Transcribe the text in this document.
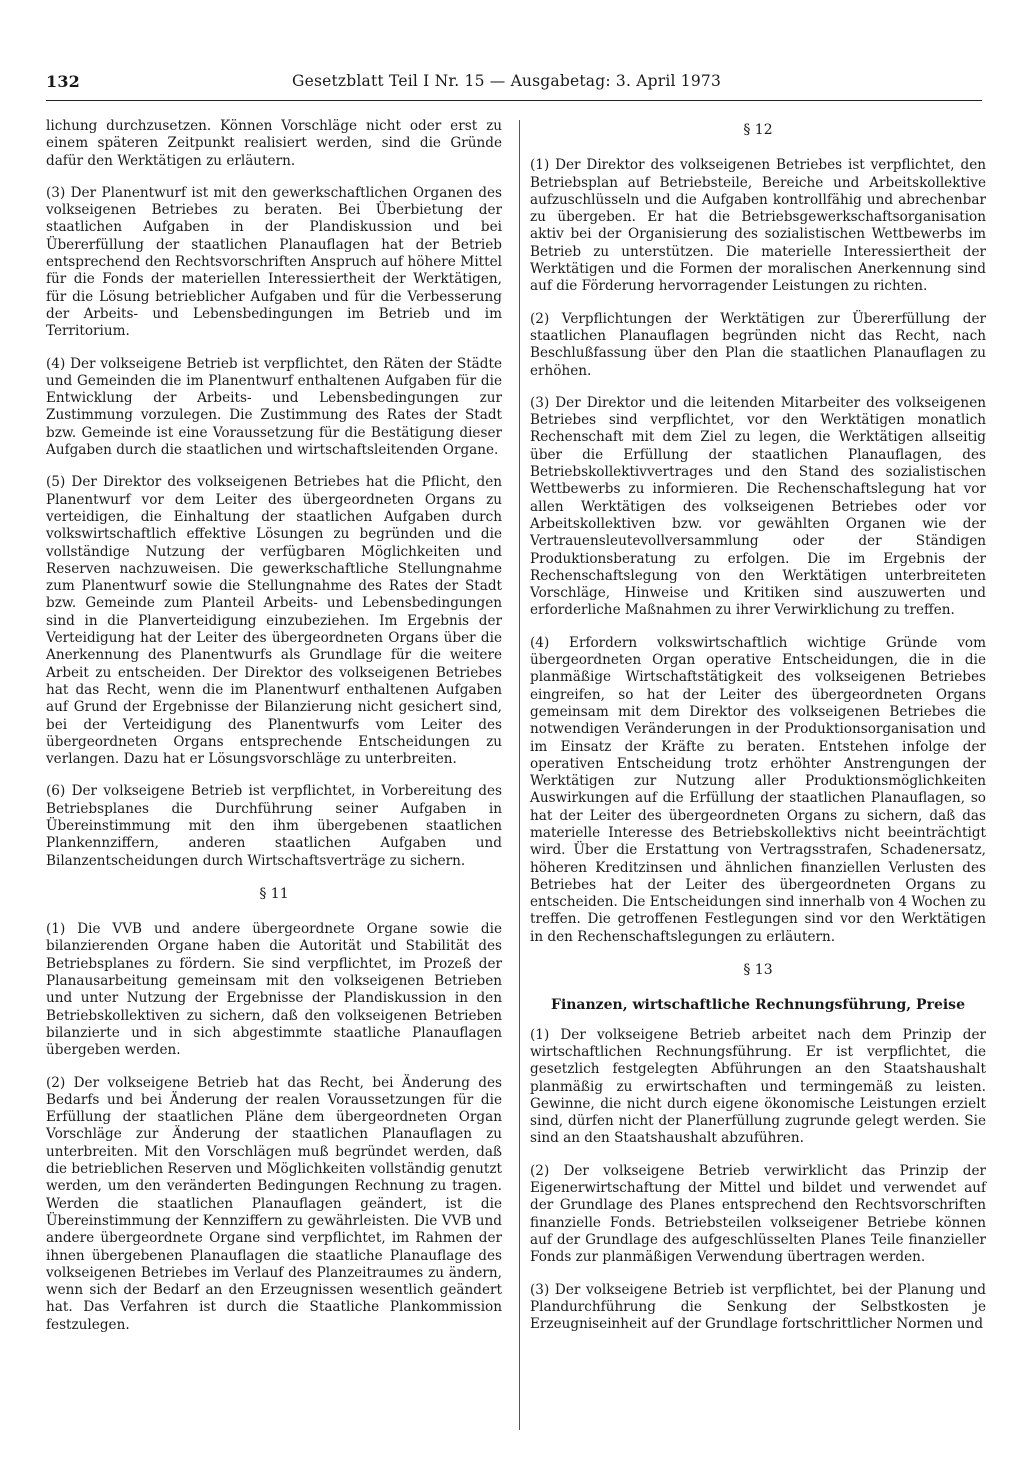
132	Gesetzblatt Teil I Nr. 15 — Ausgabetag: 3. April 1973

lichung durchzusetzen. Können Vorschläge nicht oder erst zu einem späteren Zeitpunkt realisiert werden, sind die Gründe dafür den Werktätigen zu erläutern.

(3) Der Planentwurf ist mit den gewerkschaftlichen Organen des volkseigenen Betriebes zu beraten. Bei Überbietung der staatlichen Aufgaben in der Plandiskussion und bei Übererfüllung der staatlichen Planauflagen hat der Betrieb entsprechend den Rechtsvorschriften Anspruch auf höhere Mittel für die Fonds der materiellen Interessiertheit der Werktätigen, für die Lösung betrieblicher Aufgaben und für die Verbesserung der Arbeits- und Lebensbedingungen im Betrieb und im Territorium.

(4) Der volkseigene Betrieb ist verpflichtet, den Räten der Städte und Gemeinden die im Planentwurf enthaltenen Aufgaben für die Entwicklung der Arbeits- und Lebensbedingungen zur Zustimmung vorzulegen. Die Zustimmung des Rates der Stadt bzw. Gemeinde ist eine Voraussetzung für die Bestätigung dieser Aufgaben durch die staatlichen und wirtschaftsleitenden Organe.

(5) Der Direktor des volkseigenen Betriebes hat die Pflicht, den Planentwurf vor dem Leiter des übergeordneten Organs zu verteidigen, die Einhaltung der staatlichen Aufgaben durch volkswirtschaftlich effektive Lösungen zu begründen und die vollständige Nutzung der verfügbaren Möglichkeiten und Reserven nachzuweisen. Die gewerkschaftliche Stellungnahme zum Planentwurf sowie die Stellungnahme des Rates der Stadt bzw. Gemeinde zum Planteil Arbeits- und Lebensbedingungen sind in die Planverteidigung einzubeziehen. Im Ergebnis der Verteidigung hat der Leiter des übergeordneten Organs über die Anerkennung des Planentwurfs als Grundlage für die weitere Arbeit zu entscheiden. Der Direktor des volkseigenen Betriebes hat das Recht, wenn die im Planentwurf enthaltenen Aufgaben auf Grund der Ergebnisse der Bilanzierung nicht gesichert sind, bei der Verteidigung des Planentwurfs vom Leiter des übergeordneten Organs entsprechende Entscheidungen zu verlangen. Dazu hat er Lösungsvorschläge zu unterbreiten.

(6) Der volkseigene Betrieb ist verpflichtet, in Vorbereitung des Betriebsplanes die Durchführung seiner Aufgaben in Übereinstimmung mit den ihm übergebenen staatlichen Plankennziffern, anderen staatlichen Aufgaben und Bilanzentscheidungen durch Wirtschaftsverträge zu sichern.

§ 11

(1) Die VVB und andere übergeordnete Organe sowie die bilanzierenden Organe haben die Autorität und Stabilität des Betriebsplanes zu fördern. Sie sind verpflichtet, im Prozeß der Planausarbeitung gemeinsam mit den volkseigenen Betrieben und unter Nutzung der Ergebnisse der Plandiskussion in den Betriebskollektiven zu sichern, daß den volkseigenen Betrieben bilanzierte und in sich abgestimmte staatliche Planauflagen übergeben werden.

(2) Der volkseigene Betrieb hat das Recht, bei Änderung des Bedarfs und bei Änderung der realen Voraussetzungen für die Erfüllung der staatlichen Pläne dem übergeordneten Organ Vorschläge zur Änderung der staatlichen Planauflagen zu unterbreiten. Mit den Vorschlägen muß begründet werden, daß die betrieblichen Reserven und Möglichkeiten vollständig genutzt werden, um den veränderten Bedingungen Rechnung zu tragen. Werden die staatlichen Planauflagen geändert, ist die Übereinstimmung der Kennziffern zu gewährleisten. Die VVB und andere übergeordnete Organe sind verpflichtet, im Rahmen der ihnen übergebenen Planauflagen die staatliche Planauflage des volkseigenen Betriebes im Verlauf des Planzeitraumes zu ändern, wenn sich der Bedarf an den Erzeugnissen wesentlich geändert hat. Das Verfahren ist durch die Staatliche Plankommission festzulegen.

§ 12

(1) Der Direktor des volkseigenen Betriebes ist verpflichtet, den Betriebsplan auf Betriebsteile, Bereiche und Arbeitskollektive aufzuschlüsseln und die Aufgaben kontrollfähig und abrechenbar zu übergeben. Er hat die Betriebsgewerkschaftsorganisation aktiv bei der Organisierung des sozialistischen Wettbewerbs im Betrieb zu unterstützen. Die materielle Interessiertheit der Werktätigen und die Formen der moralischen Anerkennung sind auf die Förderung hervorragender Leistungen zu richten.

(2) Verpflichtungen der Werktätigen zur Übererfüllung der staatlichen Planauflagen begründen nicht das Recht, nach Beschlußfassung über den Plan die staatlichen Planauflagen zu erhöhen.

(3) Der Direktor und die leitenden Mitarbeiter des volkseigenen Betriebes sind verpflichtet, vor den Werktätigen monatlich Rechenschaft mit dem Ziel zu legen, die Werktätigen allseitig über die Erfüllung der staatlichen Planauflagen, des Betriebskollektivvertrages und den Stand des sozialistischen Wettbewerbs zu informieren. Die Rechenschaftslegung hat vor allen Werktätigen des volkseigenen Betriebes oder vor Arbeitskollektiven bzw. vor gewählten Organen wie der Vertrauensleutevollversammlung oder der Ständigen Produktionsberatung zu erfolgen. Die im Ergebnis der Rechenschaftslegung von den Werktätigen unterbreiteten Vorschläge, Hinweise und Kritiken sind auszuwerten und erforderliche Maßnahmen zu ihrer Verwirklichung zu treffen.

(4) Erfordern volkswirtschaftlich wichtige Gründe vom übergeordneten Organ operative Entscheidungen, die in die planmäßige Wirtschaftstätigkeit des volkseigenen Betriebes eingreifen, so hat der Leiter des übergeordneten Organs gemeinsam mit dem Direktor des volkseigenen Betriebes die notwendigen Veränderungen in der Produktionsorganisation und im Einsatz der Kräfte zu beraten. Entstehen infolge der operativen Entscheidung trotz erhöhter Anstrengungen der Werktätigen zur Nutzung aller Produktionsmöglichkeiten Auswirkungen auf die Erfüllung der staatlichen Planauflagen, so hat der Leiter des übergeordneten Organs zu sichern, daß das materielle Interesse des Betriebskollektivs nicht beeinträchtigt wird. Über die Erstattung von Vertragsstrafen, Schadenersatz, höheren Kreditzinsen und ähnlichen finanziellen Verlusten des Betriebes hat der Leiter des übergeordneten Organs zu entscheiden. Die Entscheidungen sind innerhalb von 4 Wochen zu treffen. Die getroffenen Festlegungen sind vor den Werktätigen in den Rechenschaftslegungen zu erläutern.

§ 13
Finanzen, wirtschaftliche Rechnungsführung, Preise

(1) Der volkseigene Betrieb arbeitet nach dem Prinzip der wirtschaftlichen Rechnungsführung. Er ist verpflichtet, die gesetzlich festgelegten Abführungen an den Staatshaushalt planmäßig zu erwirtschaften und termingemäß zu leisten. Gewinne, die nicht durch eigene ökonomische Leistungen erzielt sind, dürfen nicht der Planerfüllung zugrunde gelegt werden. Sie sind an den Staatshaushalt abzuführen.

(2) Der volkseigene Betrieb verwirklicht das Prinzip der Eigenerwirtschaftung der Mittel und bildet und verwendet auf der Grundlage des Planes entsprechend den Rechtsvorschriften finanzielle Fonds. Betriebsteilen volkseigener Betriebe können auf der Grundlage des aufgeschlüsselten Planes Teile finanzieller Fonds zur planmäßigen Verwendung übertragen werden.

(3) Der volkseigene Betrieb ist verpflichtet, bei der Planung und Plandurchführung die Senkung der Selbstkosten je Erzeugniseinheit auf der Grundlage fortschrittlicher Normen und
